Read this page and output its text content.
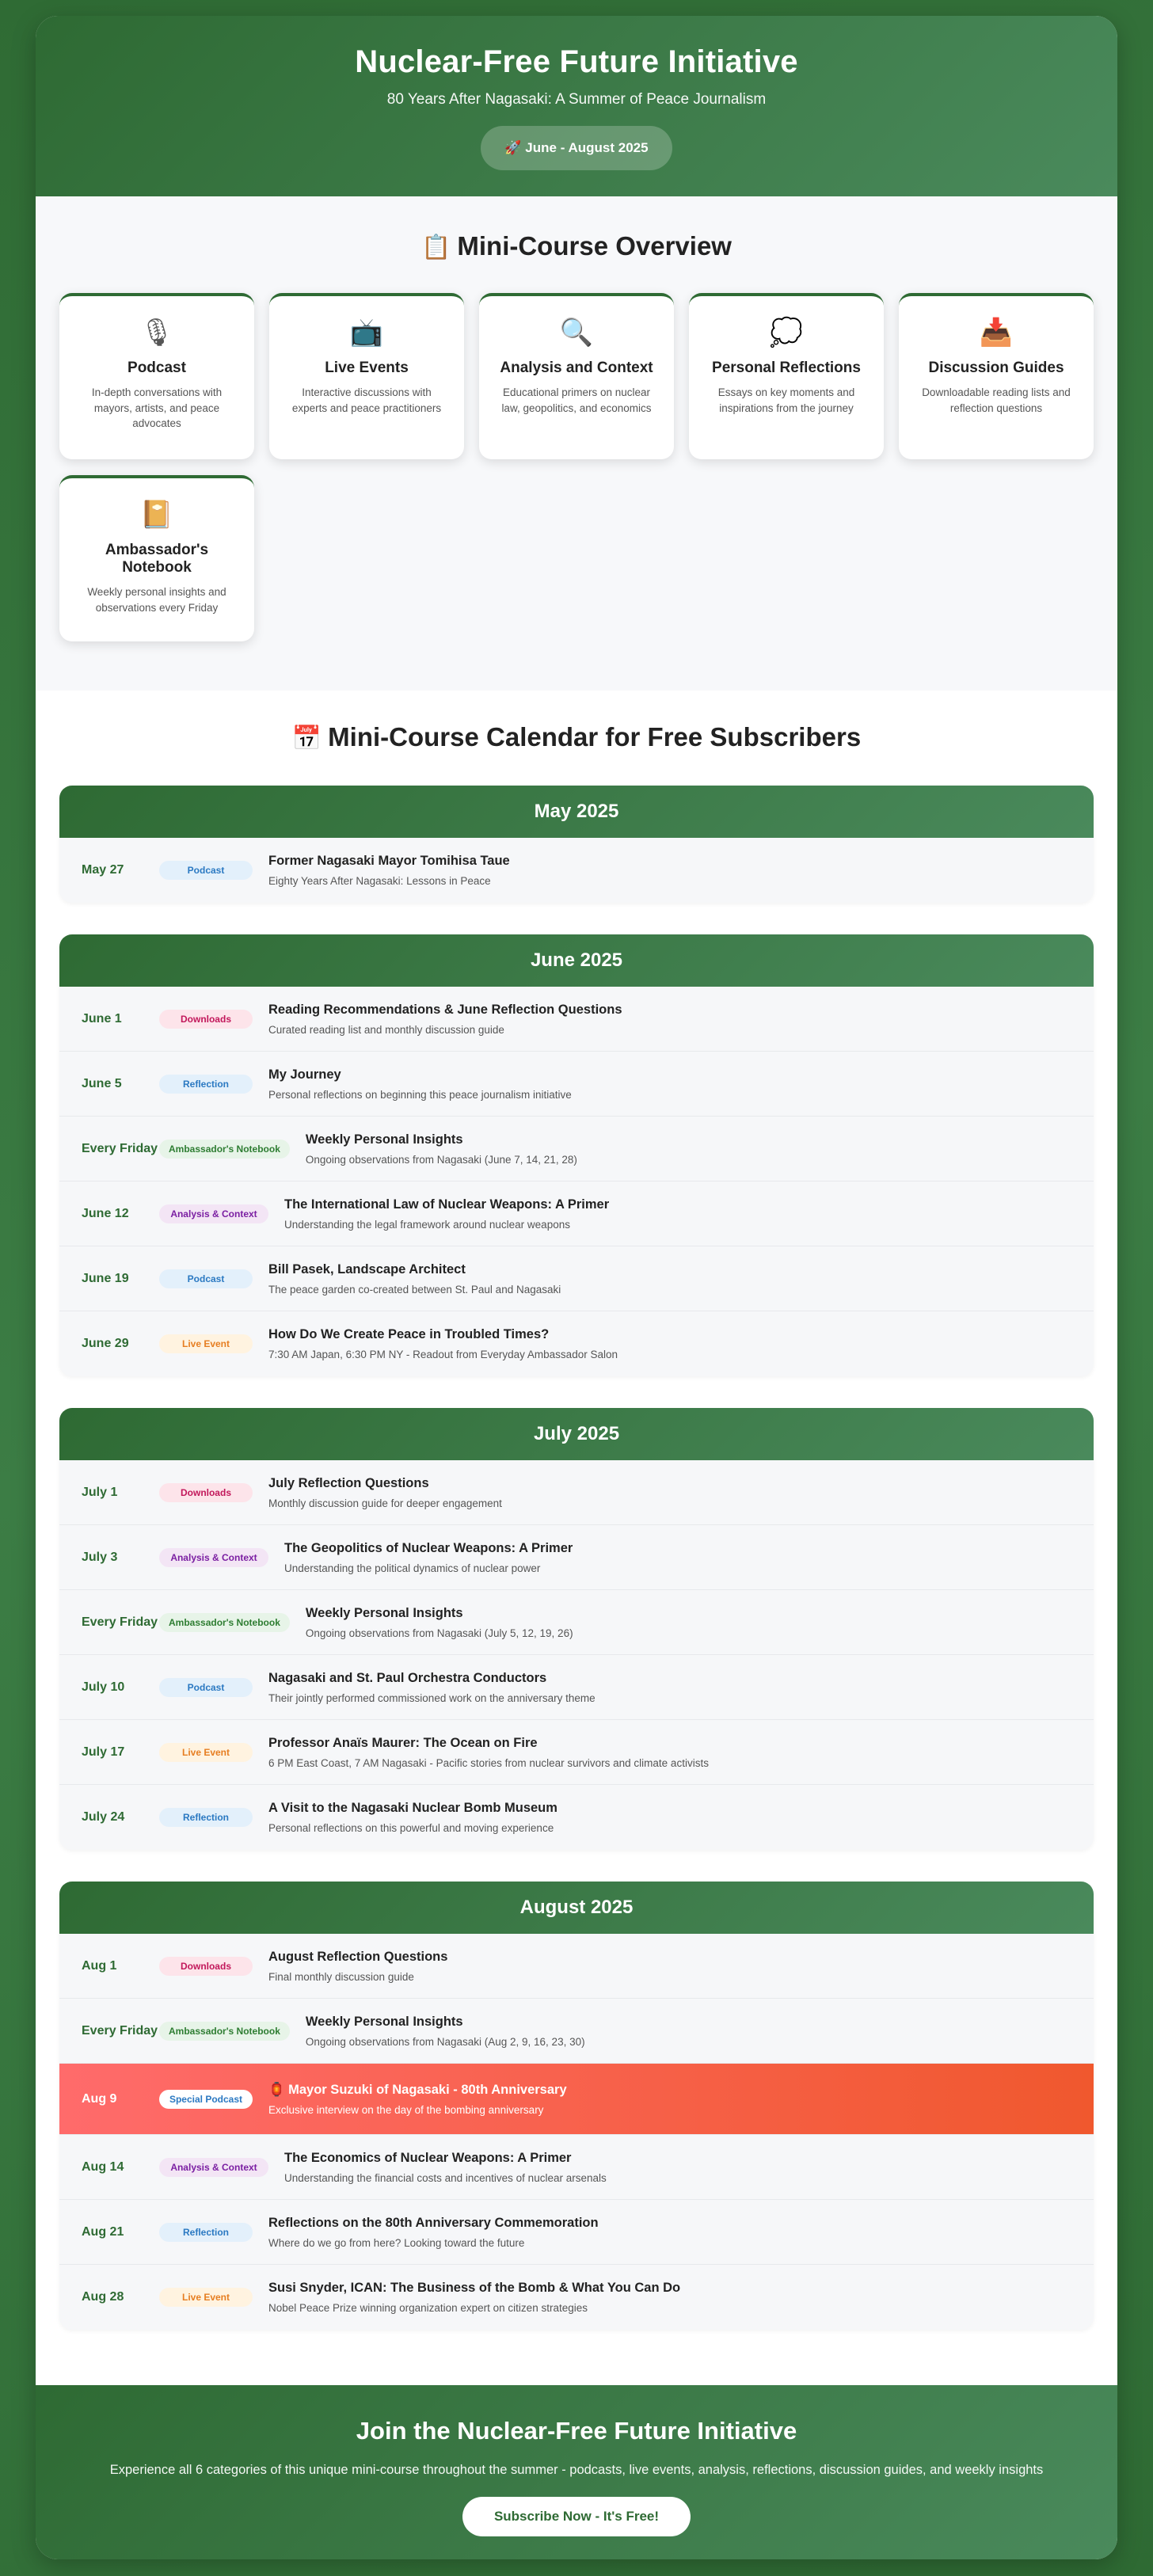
Nuclear-Free Future Initiative
80 Years After Nagasaki: A Summer of Peace Journalism
🚀 June - August 2025
📋 Mini-Course Overview
🎙
Podcast

In-depth conversations with mayors, artists, and peace advocates

📺
Live Events

Interactive discussions with experts and peace practitioners

🔍
Analysis and Context

Educational primers on nuclear law, geopolitics, and economics

💭
Personal Reflections

Essays on key moments and inspirations from the journey

📥
Discussion Guides

Downloadable reading lists and reflection questions

📔
Ambassador's Notebook

Weekly personal insights and observations every Friday

📅 Mini-Course Calendar for Free Subscribers
May 2025
May 27	Podcast
Former Nagasaki Mayor Tomihisa Taue
Eighty Years After Nagasaki: Lessons in Peace
June 2025
June 1	Downloads
Reading Recommendations & June Reflection Questions
Curated reading list and monthly discussion guide
June 5	Reflection
My Journey
Personal reflections on beginning this peace journalism initiative
Every Friday	Ambassador's Notebook
Weekly Personal Insights
Ongoing observations from Nagasaki (June 7, 14, 21, 28)
June 12	Analysis & Context
The International Law of Nuclear Weapons: A Primer
Understanding the legal framework around nuclear weapons
June 19	Podcast
Bill Pasek, Landscape Architect
The peace garden co-created between St. Paul and Nagasaki
June 29	Live Event
How Do We Create Peace in Troubled Times?
7:30 AM Japan, 6:30 PM NY - Readout from Everyday Ambassador Salon
July 2025
July 1	Downloads
July Reflection Questions
Monthly discussion guide for deeper engagement
July 3	Analysis & Context
The Geopolitics of Nuclear Weapons: A Primer
Understanding the political dynamics of nuclear power
Every Friday	Ambassador's Notebook
Weekly Personal Insights
Ongoing observations from Nagasaki (July 5, 12, 19, 26)
July 10	Podcast
Nagasaki and St. Paul Orchestra Conductors
Their jointly performed commissioned work on the anniversary theme
July 17	Live Event
Professor Anaïs Maurer: The Ocean on Fire
6 PM East Coast, 7 AM Nagasaki - Pacific stories from nuclear survivors and climate activists
July 24	Reflection
A Visit to the Nagasaki Nuclear Bomb Museum
Personal reflections on this powerful and moving experience
August 2025
Aug 1	Downloads
August Reflection Questions
Final monthly discussion guide
Every Friday	Ambassador's Notebook
Weekly Personal Insights
Ongoing observations from Nagasaki (Aug 2, 9, 16, 23, 30)
Aug 9	Special Podcast
🏮 Mayor Suzuki of Nagasaki - 80th Anniversary
Exclusive interview on the day of the bombing anniversary
Aug 14	Analysis & Context
The Economics of Nuclear Weapons: A Primer
Understanding the financial costs and incentives of nuclear arsenals
Aug 21	Reflection
Reflections on the 80th Anniversary Commemoration
Where do we go from here? Looking toward the future
Aug 28	Live Event
Susi Snyder, ICAN: The Business of the Bomb & What You Can Do
Nobel Peace Prize winning organization expert on citizen strategies
Join the Nuclear-Free Future Initiative

Experience all 6 categories of this unique mini-course throughout the summer - podcasts, live events, analysis, reflections, discussion guides, and weekly insights

Subscribe Now - It's Free!
